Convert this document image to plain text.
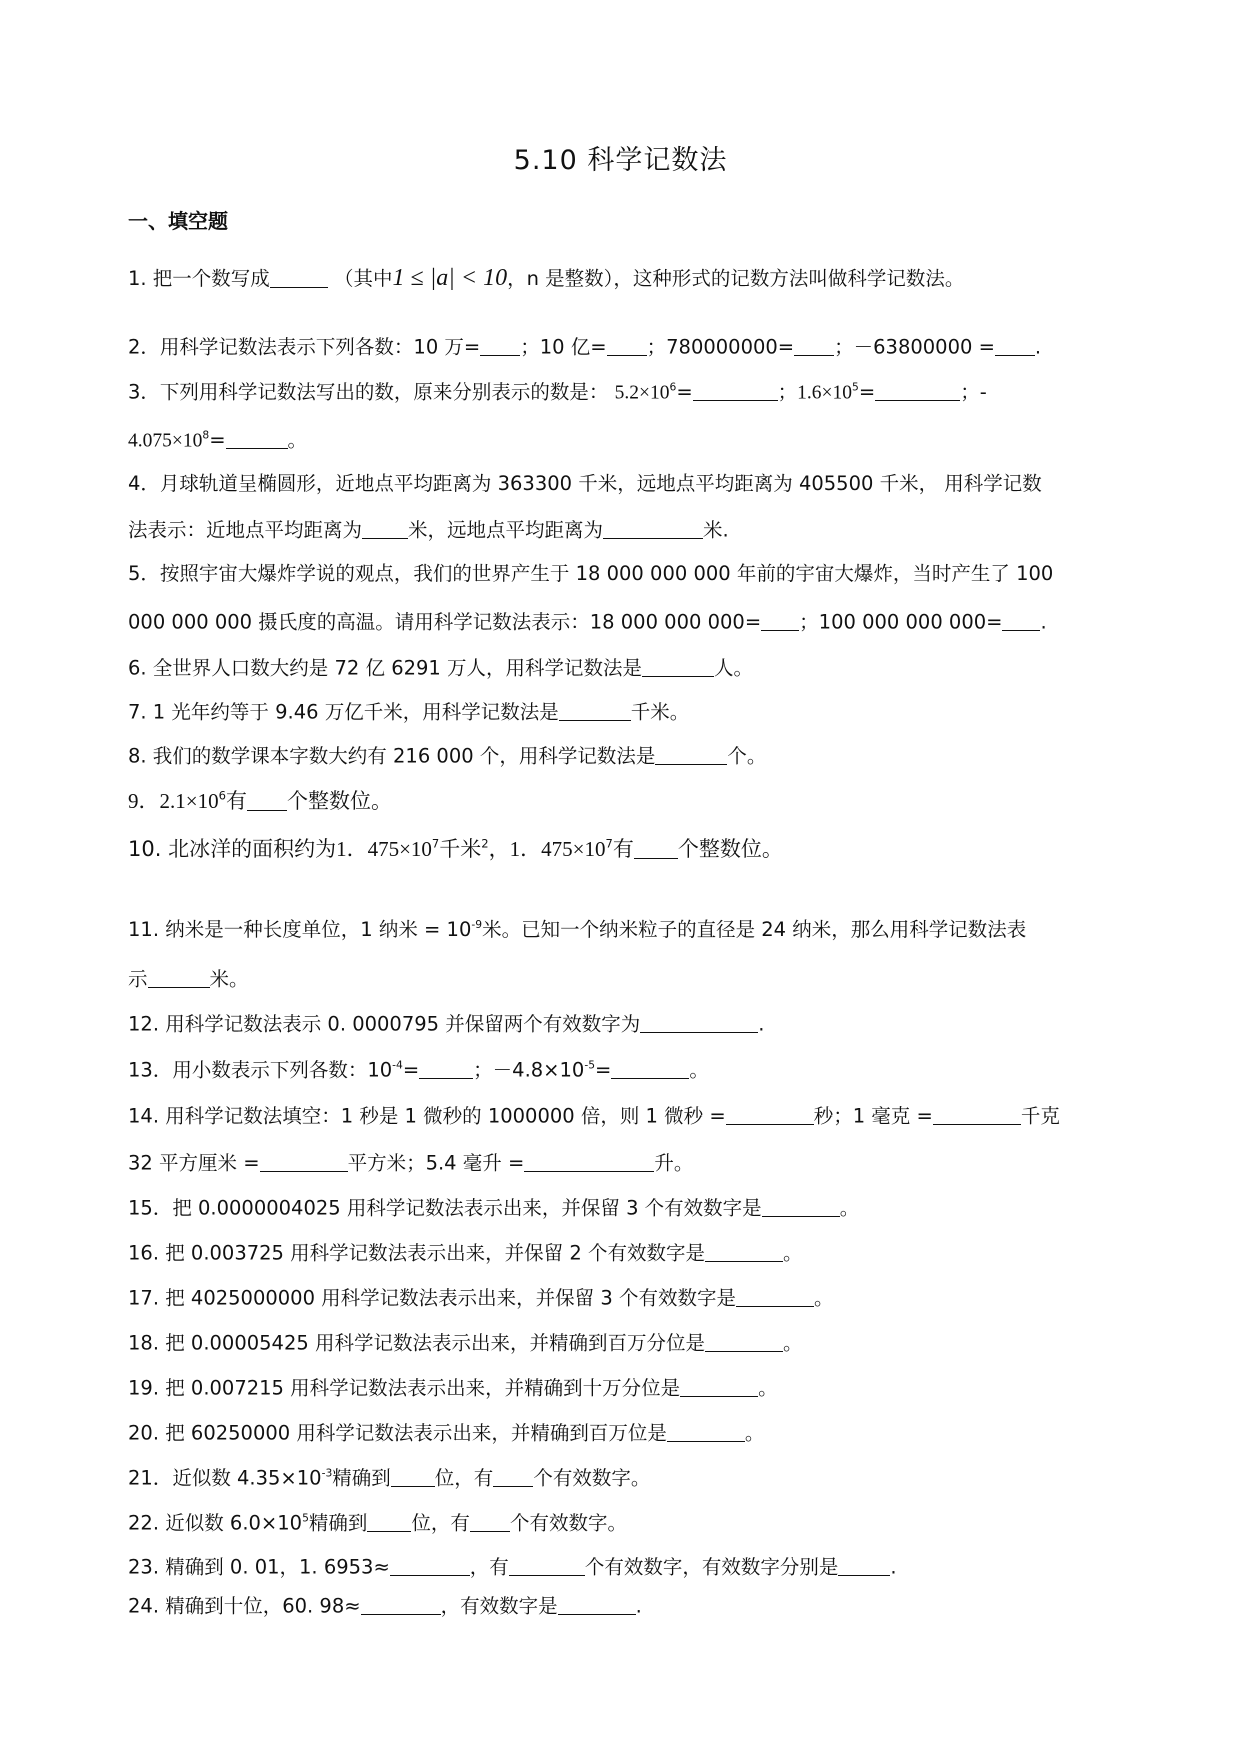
5.10 科学记数法
一、填空题
1. 把一个数写成	（其中1 ≤ |a| < 10，n 是整数），这种形式的记数方法叫做科学记数法。
2．用科学记数法表示下列各数：10 万= ；10 亿= ；780000000= ；－63800000 = .
3．下列用科学记数法写出的数，原来分别表示的数是： $5.2\times 10^6=$	；$1.6\times 10^5=$	；-
$4.075\times 10^8=$	。
4．月球轨道呈椭圆形，近地点平均距离为 363300 千米，远地点平均距离为 405500 千米， 用科学记数
法表示：近地点平均距离为 米，远地点平均距离为	米.
5．按照宇宙大爆炸学说的观点，我们的世界产生于 18 000 000 000 年前的宇宙大爆炸，当时产生了 100
000 000 000 摄氏度的高温。请用科学记数法表示：18 000 000 000= ；100 000 000 000= .
6. 全世界人口数大约是 72 亿 6291 万人，用科学记数法是	人。
7. 1 光年约等于 9.46 万亿千米，用科学记数法是	千米。
8. 我们的数学课本字数大约有 216 000 个，用科学记数法是	个。
9．$2.1\times 10^6$有 个整数位。
10. 北冰洋的面积约为1．$475\times 10^7$千米$^2$，1．$475\times 10^7$有 个整数位。
11. 纳米是一种长度单位，1 纳米 = $10^{-9}$米。已知一个纳米粒子的直径是 24 纳米，那么用科学记数法表
示	米。
12. 用科学记数法表示 0. 0000795 并保留两个有效数字为	.
13．用小数表示下列各数：$10^{-4}=$	；$-4.8\times 10^{-5}=$	。
14. 用科学记数法填空：1 秒是 1 微秒的 1000000 倍，则 1 微秒 =	秒；1 毫克 =	千克
32 平方厘米 =	平方米；5.4 毫升 =	升。
15．把 0.0000004025 用科学记数法表示出来，并保留 3 个有效数字是	。
16. 把 0.003725 用科学记数法表示出来，并保留 2 个有效数字是	。
17. 把 4025000000 用科学记数法表示出来，并保留 3 个有效数字是	。
18. 把 0.00005425 用科学记数法表示出来，并精确到百万分位是	。
19. 把 0.007215 用科学记数法表示出来，并精确到十万分位是	。
20. 把 60250000 用科学记数法表示出来，并精确到百万位是	。
21．近似数 $4.35\times 10^{-3}$精确到 位，有 个有效数字。
22. 近似数 $6.0\times 10^5$精确到 位，有 个有效数字。
23. 精确到 0. 01，1. 6953≈	，有	个有效数字，有效数字分别是	.
24. 精确到十位，60. 98≈	，有效数字是	.
